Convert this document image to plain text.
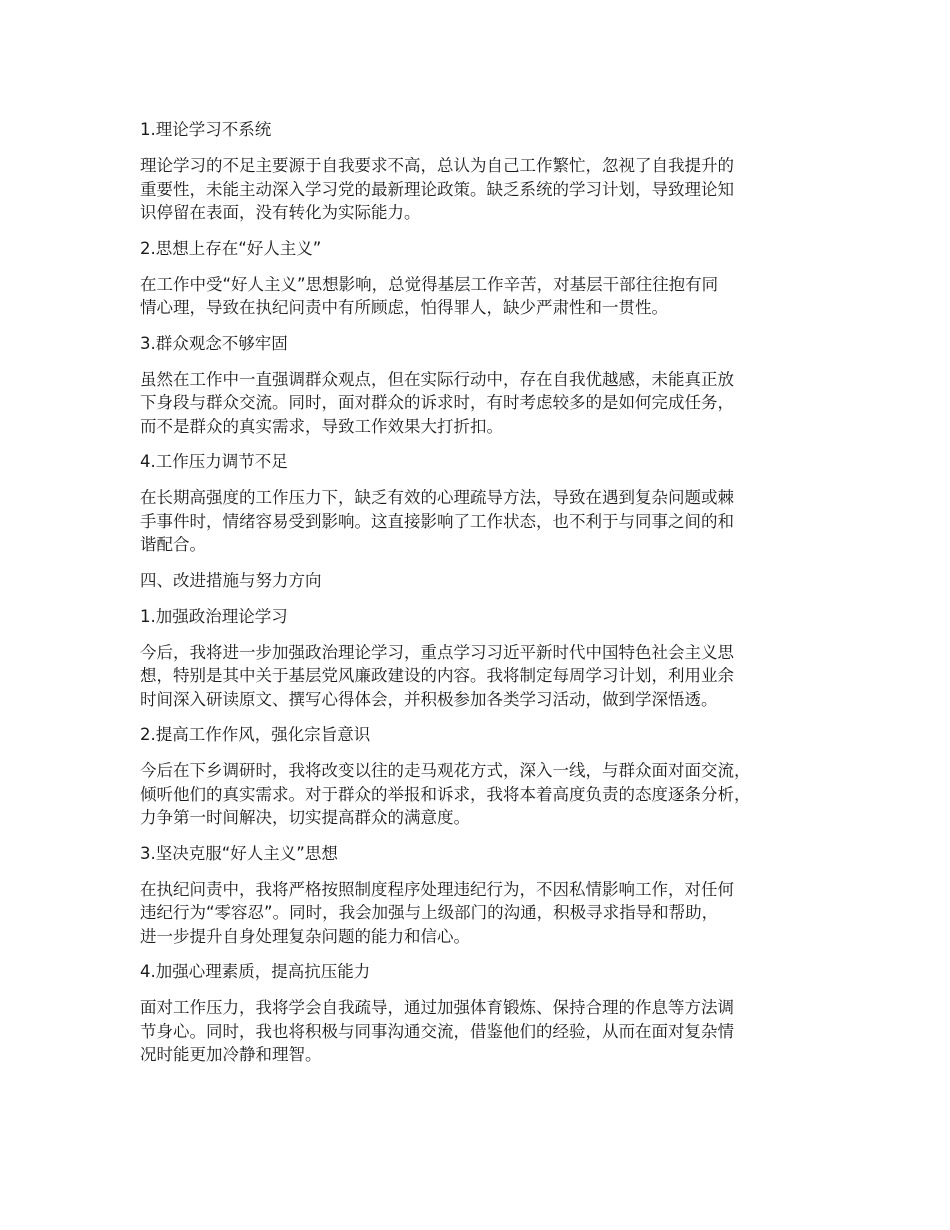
1.理论学习不系统
理论学习的不足主要源于自我要求不高，总认为自己工作繁忙，忽视了自我提升的
重要性，未能主动深入学习党的最新理论政策。缺乏系统的学习计划，导致理论知
识停留在表面，没有转化为实际能力。
2.思想上存在“好人主义”
在工作中受“好人主义”思想影响，总觉得基层工作辛苦，对基层干部往往抱有同
情心理，导致在执纪问责中有所顾虑，怕得罪人，缺少严肃性和一贯性。
3.群众观念不够牢固
虽然在工作中一直强调群众观点，但在实际行动中，存在自我优越感，未能真正放
下身段与群众交流。同时，面对群众的诉求时，有时考虑较多的是如何完成任务，
而不是群众的真实需求，导致工作效果大打折扣。
4.工作压力调节不足
在长期高强度的工作压力下，缺乏有效的心理疏导方法，导致在遇到复杂问题或棘
手事件时，情绪容易受到影响。这直接影响了工作状态，也不利于与同事之间的和
谐配合。
四、改进措施与努力方向
1.加强政治理论学习
今后，我将进一步加强政治理论学习，重点学习习近平新时代中国特色社会主义思
想，特别是其中关于基层党风廉政建设的内容。我将制定每周学习计划，利用业余
时间深入研读原文、撰写心得体会，并积极参加各类学习活动，做到学深悟透。
2.提高工作作风，强化宗旨意识
今后在下乡调研时，我将改变以往的走马观花方式，深入一线，与群众面对面交流，
倾听他们的真实需求。对于群众的举报和诉求，我将本着高度负责的态度逐条分析，
力争第一时间解决，切实提高群众的满意度。
3.坚决克服“好人主义”思想
在执纪问责中，我将严格按照制度程序处理违纪行为，不因私情影响工作，对任何
违纪行为“零容忍”。同时，我会加强与上级部门的沟通，积极寻求指导和帮助，
进一步提升自身处理复杂问题的能力和信心。
4.加强心理素质，提高抗压能力
面对工作压力，我将学会自我疏导，通过加强体育锻炼、保持合理的作息等方法调
节身心。同时，我也将积极与同事沟通交流，借鉴他们的经验，从而在面对复杂情
况时能更加冷静和理智。
